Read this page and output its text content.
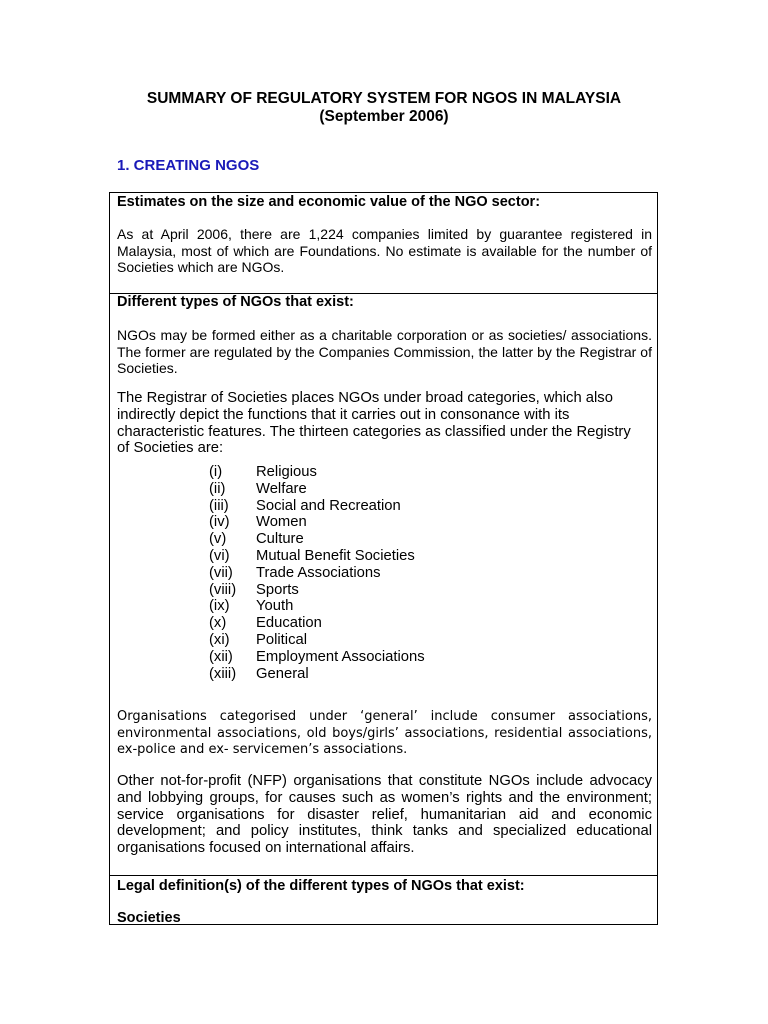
SUMMARY OF REGULATORY SYSTEM FOR NGOS IN MALAYSIA
(September 2006)
1. CREATING NGOS
Estimates on the size and economic value of the NGO sector:
As at April 2006, there are 1,224 companies limited by guarantee registered in Malaysia, most of which are Foundations. No estimate is available for the number of Societies which are NGOs.
Different types of NGOs that exist:
NGOs may be formed either as a charitable corporation or as societies/ associations. The former are regulated by the Companies Commission, the latter by the Registrar of Societies.
The Registrar of Societies places NGOs under broad categories, which also indirectly depict the functions that it carries out in consonance with its characteristic features. The thirteen categories as classified under the Registry of Societies are:
(i) Religious
(ii) Welfare
(iii) Social and Recreation
(iv) Women
(v) Culture
(vi) Mutual Benefit Societies
(vii) Trade Associations
(viii) Sports
(ix) Youth
(x) Education
(xi) Political
(xii) Employment Associations
(xiii) General
Organisations categorised under ‘general’ include consumer associations, environmental associations, old boys/girls’ associations, residential associations, ex-police and ex- servicemen’s associations.
Other not-for-profit (NFP) organisations that constitute NGOs include advocacy and lobbying groups, for causes such as women’s rights and the environment; service organisations for disaster relief, humanitarian aid and economic development; and policy institutes, think tanks and specialized educational organisations focused on international affairs.
Legal definition(s) of the different types of NGOs that exist:
Societies
